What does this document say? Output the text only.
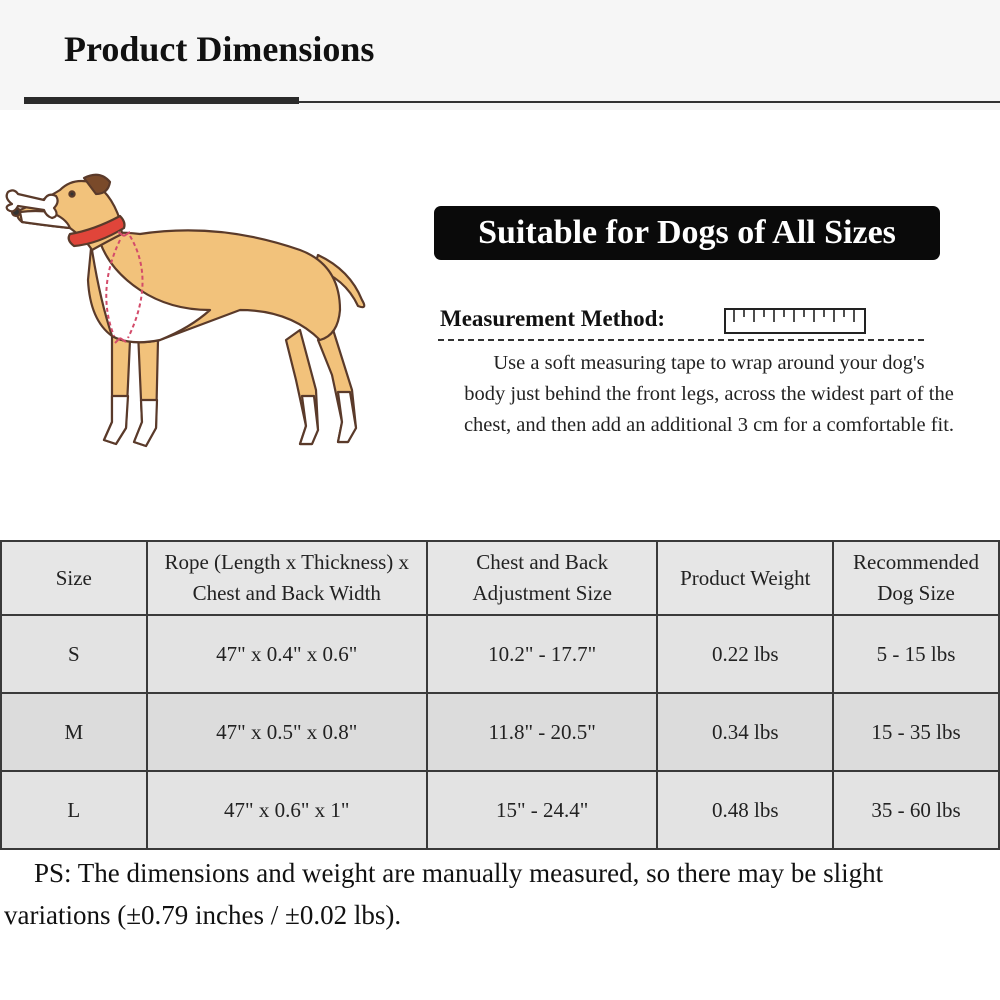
Product Dimensions
Suitable for Dogs of All Sizes
Measurement Method:
Use a soft measuring tape to wrap around your dog's
body just behind the front legs, across the widest part of the
chest, and then add an additional 3 cm for a comfortable fit.
Size	Rope (Length x Thickness) x Chest and Back Width	Chest and Back Adjustment Size	Product Weight	Recommended Dog Size
S	47" x 0.4" x 0.6"	10.2" - 17.7"	0.22 lbs	5 - 15 lbs
M	47" x 0.5" x 0.8"	11.8" - 20.5"	0.34 lbs	15 - 35 lbs
L	47" x 0.6" x 1"	15" - 24.4"	0.48 lbs	35 - 60 lbs
PS: The dimensions and weight are manually measured, so there may be slight variations (±0.79 inches / ±0.02 lbs).
